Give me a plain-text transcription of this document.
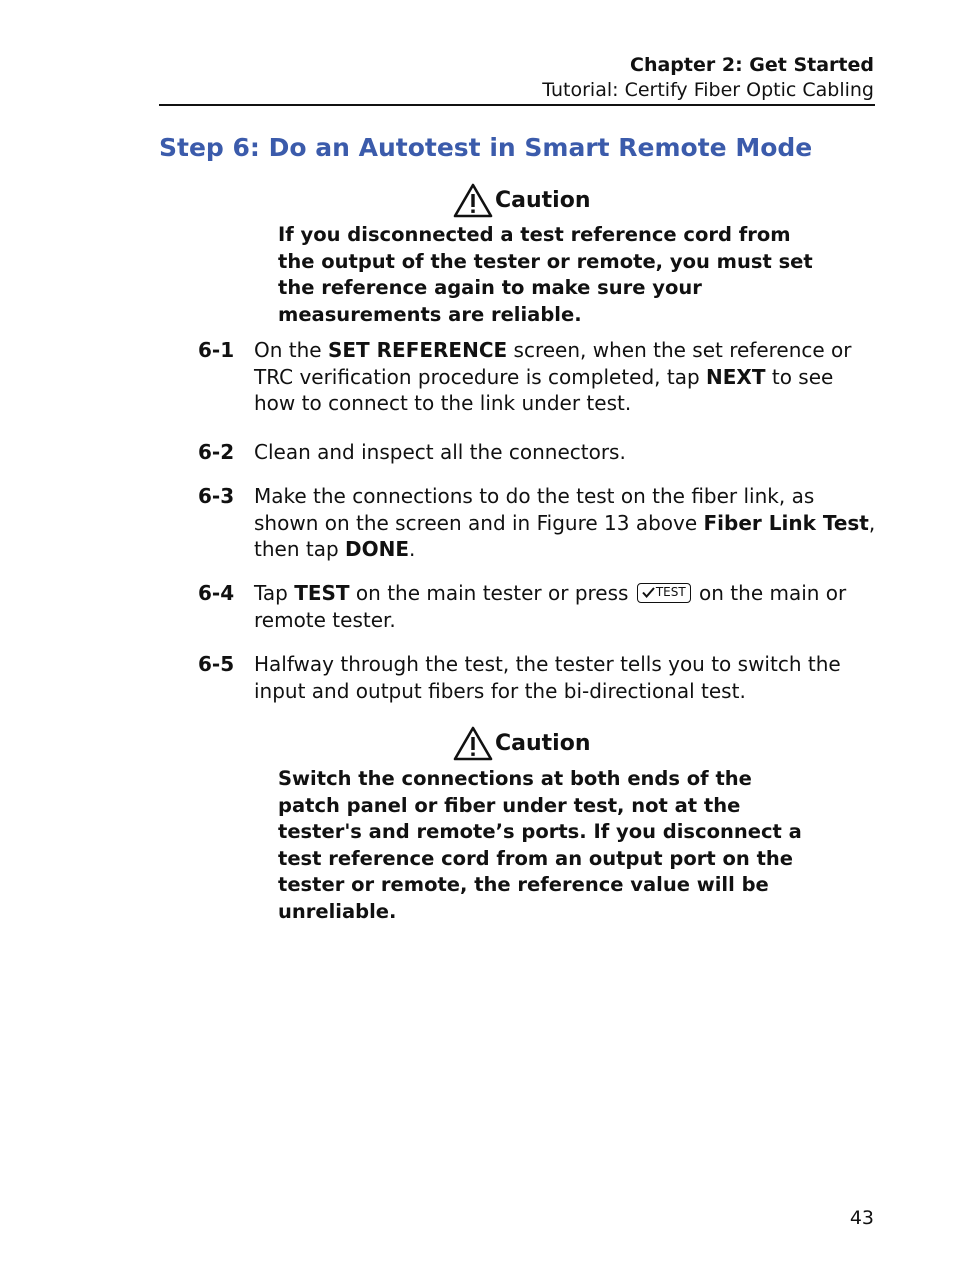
Chapter 2: Get Started
Tutorial: Certify Fiber Optic Cabling
Step 6: Do an Autotest in Smart Remote Mode
Caution

If you disconnected a test reference cord from the output of the tester or remote, you must set the reference again to make sure your measurements are reliable.

6-1 On the SET REFERENCE screen, when the set reference or TRC verification procedure is completed, tap NEXT to see how to connect to the link under test.
6-2 Clean and inspect all the connectors.
6-3 Make the connections to do the test on the fiber link, as shown on the screen and in Figure 13 above Fiber Link Test, then tap DONE.
6-4 Tap TEST on the main tester or press TEST on the main or remote tester.
6-5 Halfway through the test, the tester tells you to switch the input and output fibers for the bi-directional test.
Caution

Switch the connections at both ends of the patch panel or fiber under test, not at the tester's and remote’s ports. If you disconnect a test reference cord from an output port on the tester or remote, the reference value will be unreliable.

43
